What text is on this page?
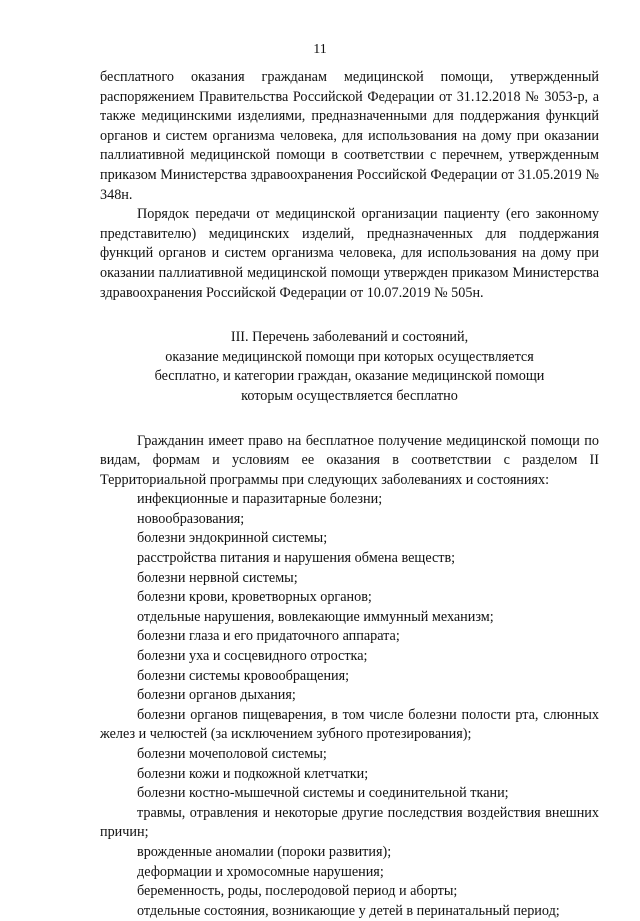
11

бесплатного оказания гражданам медицинской помощи, утвержденный распоряжением Правительства Российской Федерации от 31.12.2018 № 3053-р, а также медицинскими изделиями, предназначенными для поддержания функций органов и систем организма человека, для использования на дому при оказании паллиативной медицинской помощи в соответствии с перечнем, утвержденным приказом Министерства здравоохранения Российской Федерации от 31.05.2019 № 348н.

Порядок передачи от медицинской организации пациенту (его законному представителю) медицинских изделий, предназначенных для поддержания функций органов и систем организма человека, для использования на дому при оказании паллиативной медицинской помощи утвержден приказом Министерства здравоохранения Российской Федерации от 10.07.2019 № 505н.

III. Перечень заболеваний и состояний,
оказание медицинской помощи при которых осуществляется
бесплатно, и категории граждан, оказание медицинской помощи
которым осуществляется бесплатно

Гражданин имеет право на бесплатное получение медицинской помощи по видам, формам и условиям ее оказания в соответствии с разделом II Территориальной программы при следующих заболеваниях и состояниях:

инфекционные и паразитарные болезни;

новообразования;

болезни эндокринной системы;

расстройства питания и нарушения обмена веществ;

болезни нервной системы;

болезни крови, кроветворных органов;

отдельные нарушения, вовлекающие иммунный механизм;

болезни глаза и его придаточного аппарата;

болезни уха и сосцевидного отростка;

болезни системы кровообращения;

болезни органов дыхания;

болезни органов пищеварения, в том числе болезни полости рта, слюнных желез и челюстей (за исключением зубного протезирования);

болезни мочеполовой системы;

болезни кожи и подкожной клетчатки;

болезни костно-мышечной системы и соединительной ткани;

травмы, отравления и некоторые другие последствия воздействия внешних причин;

врожденные аномалии (пороки развития);

деформации и хромосомные нарушения;

беременность, роды, послеродовой период и аборты;

отдельные состояния, возникающие у детей в перинатальный период;
